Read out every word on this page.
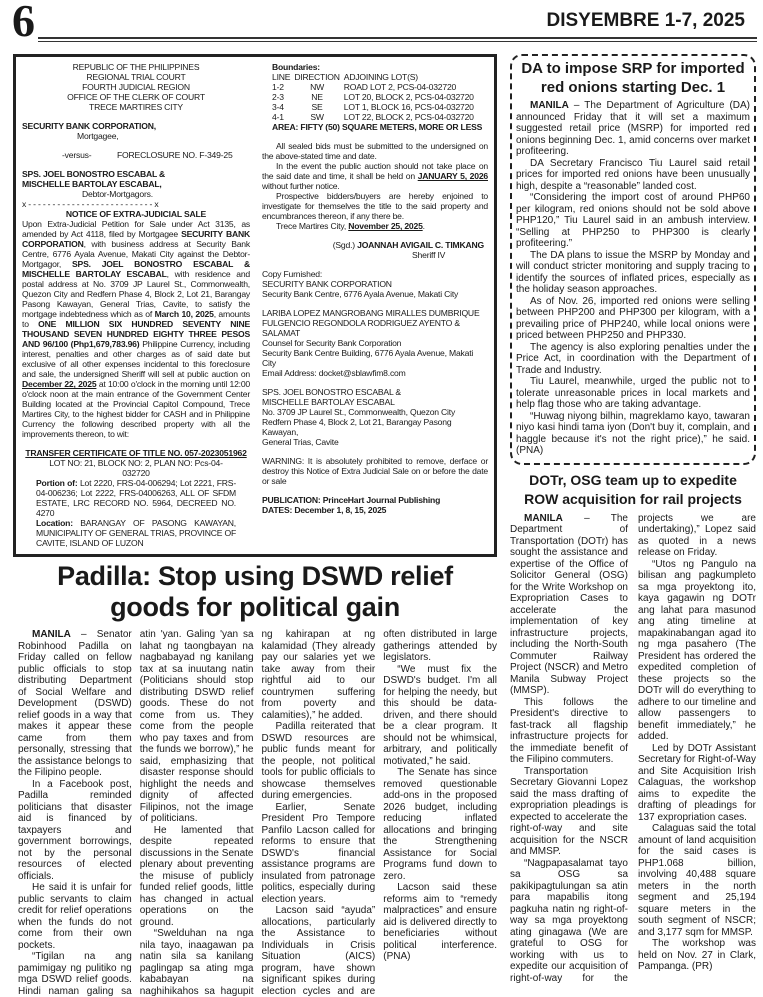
6	DISYEMBRE 1-7, 2025
REPUBLIC OF THE PHILIPPINES
REGIONAL TRIAL COURT
FOURTH JUDICIAL REGION
OFFICE OF THE CLERK OF COURT
TRECE MARTIRES CITY
SECURITY BANK CORPORATION,
Mortgagee,
-versus-	FORECLOSURE NO. F-349-25
SPS. JOEL BONOSTRO ESCABAL &
MISCHELLE BARTOLAY ESCABAL,
Debtor-Mortgagors.
x - - - - - - - - - - - - - - - - - - - - - - - - - - x
NOTICE OF EXTRA-JUDICIAL SALE
Upon Extra-Judicial Petition for Sale under Act 3135, as amended by Act 4118, filed by Mortgagee SECURITY BANK CORPORATION, with business address at Security Bank Centre, 6776 Ayala Avenue, Makati City against the Debtor-Mortgagor, SPS. JOEL BONOSTRO ESCABAL & MISCHELLE BARTOLAY ESCABAL, with residence and postal address at No. 3709 JP Laurel St., Commonwealth, Quezon City and Redfern Phase 4, Block 2, Lot 21, Barangay Pasong Kawayan, General Trias, Cavite, to satisfy the mortgage indebtedness which as of March 10, 2025, amounts to ONE MILLION SIX HUNDRED SEVENTY NINE THOUSAND SEVEN HUNDRED EIGHTY THREE PESOS AND 96/100 (Php1,679,783.96) Philippine Currency, including interest, penalties and other charges as of said date but exclusive of all other expenses incidental to this foreclosure and sale, the undersigned Sheriff will sell at public auction on December 22, 2025 at 10:00 o'clock in the morning until 12:00 o'clock noon at the main entrance of the Government Center Building located at the Provincial Capitol Compound, Trece Martires City, to the highest bidder for CASH and in Philippine Currency the following described property with all the improvements thereon, to wit:
TRANSFER CERTIFICATE OF TITLE NO. 057-2023051962
LOT NO: 21, BLOCK NO: 2, PLAN NO: Pcs-04-032720
Portion of: Lot 2220, FRS-04-006294; Lot 2221, FRS-04-006236; Lot 2222, FRS-04006263, ALL OF SFDM ESTATE, LRC RECORD NO. 5964, DECREED NO. 4270
Location: BARANGAY OF PASONG KAWAYAN, MUNICIPALITY OF GENERAL TRIAS, PROVINCE OF CAVITE, ISLAND OF LUZON
Boundaries:
LINE	DIRECTION	ADJOINING LOT(S)
1-2	NW	ROAD LOT 2, PCS-04-032720
2-3	NE	LOT 20, BLOCK 2, PCS-04-032720
3-4	SE	LOT 1, BLOCK 16, PCS-04-032720
4-1	SW	LOT 22, BLOCK 2, PCS-04-032720
AREA: FIFTY (50) SQUARE METERS, MORE OR LESS

All sealed bids must be submitted to the undersigned on the above-stated time and date.

In the event the public auction should not take place on the said date and time, it shall be held on JANUARY 5, 2026 without further notice.

Prospective bidders/buyers are hereby enjoined to investigate for themselves the title to the said property and encumbrances thereon, if any there be.

Trece Martires City, November 25, 2025.

(Sgd.) JOANNAH AVIGAIL C. TIMKANG
Sheriff IV
Copy Furnished:
SECURITY BANK CORPORATION
Security Bank Centre, 6776 Ayala Avenue, Makati City
LARIBA LOPEZ MANGROBANG MIRALLES DUMBRIQUE
FULGENCIO REGONDOLA RODRIGUEZ AYENTO & SALAMAT
Counsel for Security Bank Corporation
Security Bank Centre Building, 6776 Ayala Avenue, Makati City
Email Address: docket@sblawfim8.com
SPS. JOEL BONOSTRO ESCABAL &
MISCHELLE BARTOLAY ESCABAL
No. 3709 JP Laurel St., Commonwealth, Quezon City
Redfern Phase 4, Block 2, Lot 21, Barangay Pasong Kawayan,
General Trias, Cavite
WARNING: It is absolutely prohibited to remove, derface or destroy this Notice of Extra Judicial Sale on or before the date or sale
PUBLICATION: PrinceHart Journal Publishing
DATES: December 1, 8, 15, 2025
Padilla: Stop using DSWD relief
goods for political gain

MANILA – Senator Robinhood Padilla on Friday called on fellow public officials to stop distributing Department of Social Welfare and Development (DSWD) relief goods in a way that makes it appear these came from them personally, stressing that the assistance belongs to the Filipino people.

In a Facebook post, Padilla reminded politicians that disaster aid is financed by taxpayers and government borrowings, not by the personal resources of elected officials.

He said it is unfair for public servants to claim credit for relief operations when the funds do not come from their own pockets.

“Tigilan na ang pamimigay ng pulitiko ng mga DSWD relief goods. Hindi naman galing sa atin 'yan. Galing 'yan sa lahat ng taongbayan na nagbabayad ng kanilang tax at sa inuutang natin (Politicians should stop distributing DSWD relief goods. These do not come from us. They come from the people who pay taxes and from the funds we borrow),” he said, emphasizing that disaster response should highlight the needs and dignity of affected Filipinos, not the image of politicians.

He lamented that despite repeated discussions in the Senate plenary about preventing the misuse of publicly funded relief goods, little has changed in actual operations on the ground.

“Swelduhan na nga nila tayo, inaagawan pa natin sila sa kanilang paglingap sa ating mga kababayan na naghihikahos sa hagupit ng kahirapan at ng kalamidad (They already pay our salaries yet we take away from their rightful aid to our countrymen suffering from poverty and calamities),” he added.

Padilla reiterated that DSWD resources are public funds meant for the people, not political tools for public officials to showcase themselves during emergencies.

Earlier, Senate President Pro Tempore Panfilo Lacson called for reforms to ensure that DSWD's financial assistance programs are insulated from patronage politics, especially during election years.

Lacson said “ayuda” allocations, particularly the Assistance to Individuals in Crisis Situation (AICS) program, have shown significant spikes during election cycles and are often distributed in large gatherings attended by legislators.

“We must fix the DSWD's budget. I'm all for helping the needy, but this should be data-driven, and there should be a clear program. It should not be whimsical, arbitrary, and politically motivated,” he said.

The Senate has since removed questionable add-ons in the proposed 2026 budget, including reducing inflated allocations and bringing the Strengthening Assistance for Social Programs fund down to zero.

Lacson said these reforms aim to “remedy malpractices” and ensure aid is delivered directly to beneficiaries without political interference. (PNA)

DA to impose SRP for imported
red onions starting Dec. 1

MANILA – The Department of Agriculture (DA) announced Friday that it will set a maximum suggested retail price (MSRP) for imported red onions beginning Dec. 1, amid concerns over market profiteering.

DA Secretary Francisco Tiu Laurel said retail prices for imported red onions have been unusually high, despite a “reasonable” landed cost.

“Considering the import cost of around PHP60 per kilogram, red onions should not be sold above PHP120,” Tiu Laurel said in an ambush interview. “Selling at PHP250 to PHP300 is clearly profiteering.”

The DA plans to issue the MSRP by Monday and will conduct stricter monitoring and supply tracing to identify the sources of inflated prices, especially as the holiday season approaches.

As of Nov. 26, imported red onions were selling between PHP200 and PHP300 per kilogram, with a prevailing price of PHP240, while local onions were priced between PHP250 and PHP330.

The agency is also exploring penalties under the Price Act, in coordination with the Department of Trade and Industry.

Tiu Laurel, meanwhile, urged the public not to tolerate unreasonable prices in local markets and help flag those who are taking advantage.

“Huwag niyong bilhin, magreklamo kayo, tawaran niyo kasi hindi tama iyon (Don't buy it, complain, and haggle because it's not the right price),” he said. (PNA)

DOTr, OSG team up to expedite
ROW acquisition for rail projects

MANILA – The Department of Transportation (DOTr) has sought the assistance and expertise of the Office of Solicitor General (OSG) for the Write Workshop on Expropriation Cases to accelerate the implementation of key infrastructure projects, including the North-South Commuter Railway Project (NSCR) and Metro Manila Subway Project (MMSP).

This follows the President's directive to fast-track all flagship infrastructure projects for the immediate benefit of the Filipino commuters.

Transportation Secretary Giovanni Lopez said the mass drafting of expropriation pleadings is expected to accelerate the right-of-way and site acquisition for the NSCR and MMSP.

“Nagpapasalamat tayo sa OSG sa pakikipagtulungan sa atin para mapabilis itong pagkuha natin ng right-of-way sa mga proyektong ating ginagawa (We are grateful to OSG for working with us to expedite our acquisition of right-of-way for the projects we are undertaking),” Lopez said as quoted in a news release on Friday.

“Utos ng Pangulo na bilisan ang pagkumpleto sa mga proyektong ito, kaya gagawin ng DOTr ang lahat para masunod ang ating timeline at mapakinabangan agad ito ng mga pasahero (The President has ordered the expedited completion of these projects so the DOTr will do everything to adhere to our timeline and allow passengers to benefit immediately,” he added.

Led by DOTr Assistant Secretary for Right-of-Way and Site Acquisition Irish Calaguas, the workshop aims to expedite the drafting of pleadings for 137 expropriation cases.

Calaguas said the total amount of land acquisition for the said cases is PHP1.068 billion, involving 40,488 square meters in the north segment and 25,194 square meters in the south segment of NSCR; and 3,177 sqm for MMSP.

The workshop was held on Nov. 27 in Clark, Pampanga. (PR)
